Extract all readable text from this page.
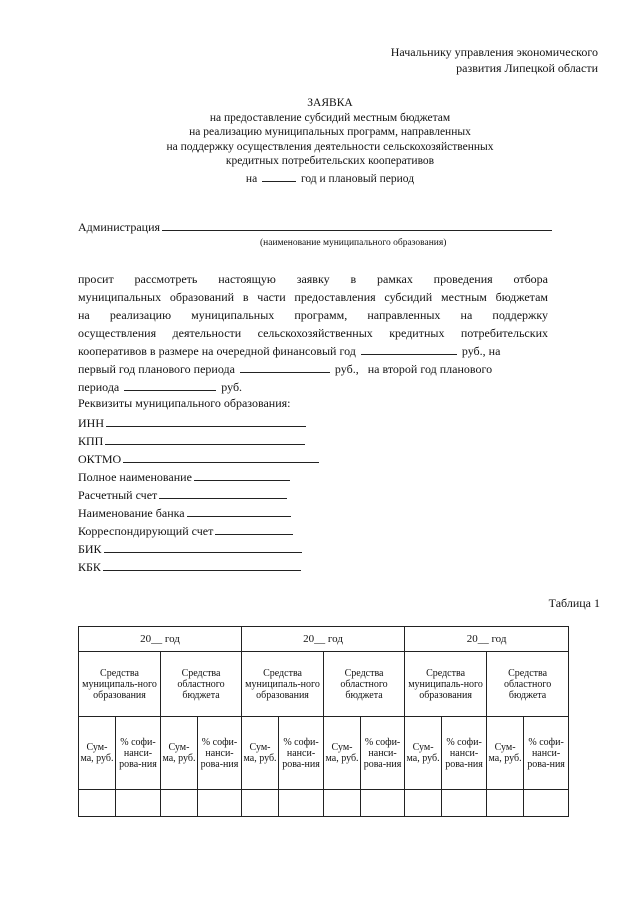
Начальнику управления экономического
развития Липецкой области
ЗАЯВКА
на предоставление субсидий местным бюджетам
на реализацию муниципальных программ, направленных
на поддержку осуществления деятельности сельскохозяйственных
кредитных потребительских кооперативов
на	год и плановый период
Администрация
(наименование муниципального образования)
просит рассмотреть настоящую заявку в рамках проведения отбора
муниципальных образований в части предоставления субсидий местным бюджетам
на реализацию муниципальных программ, направленных на поддержку
осуществления деятельности сельскохозяйственных кредитных потребительских
кооперативов в размере на очередной финансовый год	руб., на
первый год планового периода	руб., на второй год планового
периода	руб.
Реквизиты муниципального образования:
ИНН
КПП
ОКТМО
Полное наименование
Расчетный счет
Наименование банка
Корреспондирующий счет
БИК
КБК
Таблица 1
20__ год				20__ год				20__ год			
Средства муниципаль-ного образования		Средства областного бюджета		Средства муниципаль-ного образования		Средства областного бюджета		Средства муниципаль-ного образования		Средства областного бюджета	
Сум-ма, руб.	% софи-нанси-рова-ния	Сум-ма, руб.	% софи-нанси-рова-ния	Сум-ма, руб.	% софи-нанси-рова-ния	Сум-ма, руб.	% софи-нанси-рова-ния	Сум-ма, руб.	% софи-нанси-рова-ния	Сум-ма, руб.	% софи-нанси-рова-ния
